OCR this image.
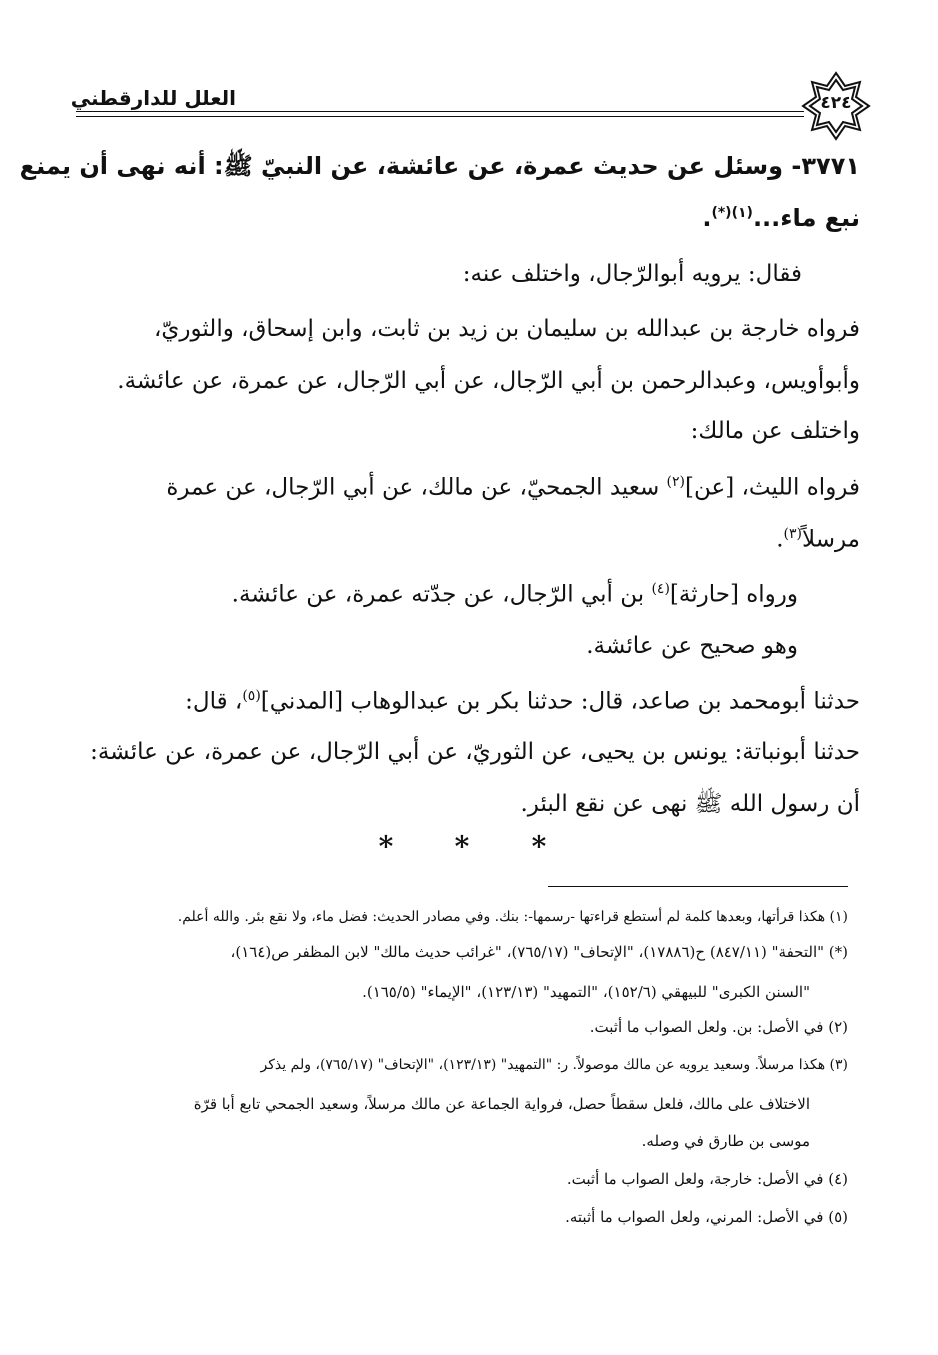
العلل للدارقطني	٤٢٤
٣٧٧١- وسئل عن حديث عمرة، عن عائشة، عن النبيّ ﷺ: أنه نهى أن يمنع
نبع ماء...$^{(١)(*)}$.
فقال: يرويه أبوالرّجال، واختلف عنه:
فرواه خارجة بن عبدالله بن سليمان بن زيد بن ثابت، وابن إسحاق، والثوريّ،
وأبوأويس، وعبدالرحمن بن أبي الرّجال، عن أبي الرّجال، عن عمرة، عن عائشة.
واختلف عن مالك:
فرواه الليث، [عن]$^{(٢)}$ سعيد الجمحيّ، عن مالك، عن أبي الرّجال، عن عمرة
مرسلاً$^{(٣)}$.
ورواه [حارثة]$^{(٤)}$ بن أبي الرّجال، عن جدّته عمرة، عن عائشة.
وهو صحيح عن عائشة.
حدثنا أبومحمد بن صاعد، قال: حدثنا بكر بن عبدالوهاب [المدني]$^{(٥)}$، قال:
حدثنا أبونباتة: يونس بن يحيى، عن الثوريّ، عن أبي الرّجال، عن عمرة، عن عائشة:
أن رسول الله ﷺ نهى عن نقع البئر.
*
*
*
(١) هكذا قرأتها، وبعدها كلمة لم أستطع قراءتها -رسمها-: بنك. وفي مصادر الحديث: فضل ماء، ولا نقع بئر. والله أعلم.
(*) "التحفة" (٨٤٧/١١) ح(١٧٨٨٦)، "الإتحاف" (٧٦٥/١٧)، "غرائب حديث مالك" لابن المظفر ص(١٦٤)،
"السنن الكبرى" للبيهقي (١٥٢/٦)، "التمهيد" (١٢٣/١٣)، "الإيماء" (١٦٥/٥).
(٢) في الأصل: بن. ولعل الصواب ما أثبت.
(٣) هكذا مرسلاً. وسعيد يرويه عن مالك موصولاً. ر: "التمهيد" (١٢٣/١٣)، "الإتحاف" (٧٦٥/١٧)، ولم يذكر
الاختلاف على مالك، فلعل سقطاً حصل، فرواية الجماعة عن مالك مرسلاً، وسعيد الجمحي تابع أبا قرّة
موسى بن طارق في وصله.
(٤) في الأصل: خارجة، ولعل الصواب ما أثبت.
(٥) في الأصل: المرني، ولعل الصواب ما أثبته.
